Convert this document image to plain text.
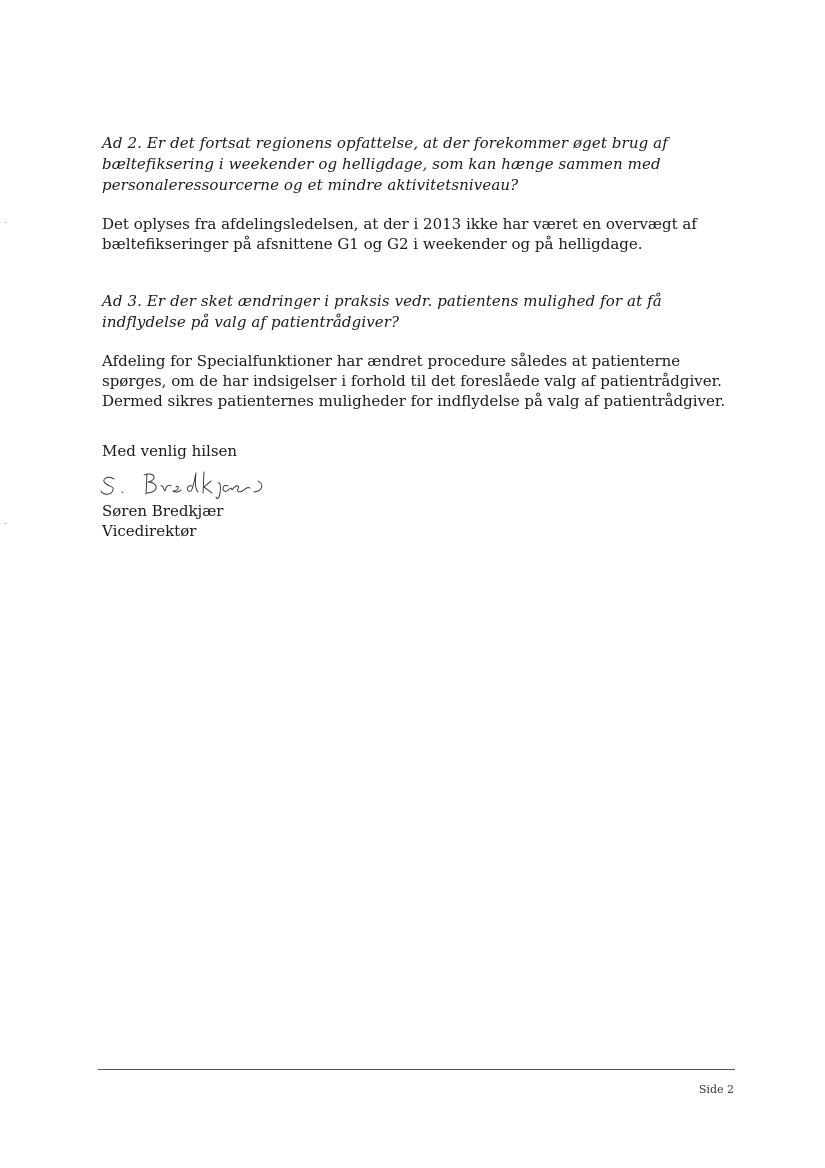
Ad 2. Er det fortsat regionens opfattelse, at der forekommer øget brug af bæltefiksering i weekender og helligdage, som kan hænge sammen med personaleressourcerne og et mindre aktivitetsniveau?

Det oplyses fra afdelingsledelsen, at der i 2013 ikke har været en overvægt af bæltefikseringer på afsnittene G1 og G2 i weekender og på helligdage.

Ad 3. Er der sket ændringer i praksis vedr. patientens mulighed for at få indflydelse på valg af patientrådgiver?

Afdeling for Specialfunktioner har ændret procedure således at patienterne spørges, om de har indsigelser i forhold til det foreslåede valg af patientrådgiver. Dermed sikres patienternes muligheder for indflydelse på valg af patientrådgiver.

Med venlig hilsen

Søren Bredkjær

Vicedirektør

Side 2
